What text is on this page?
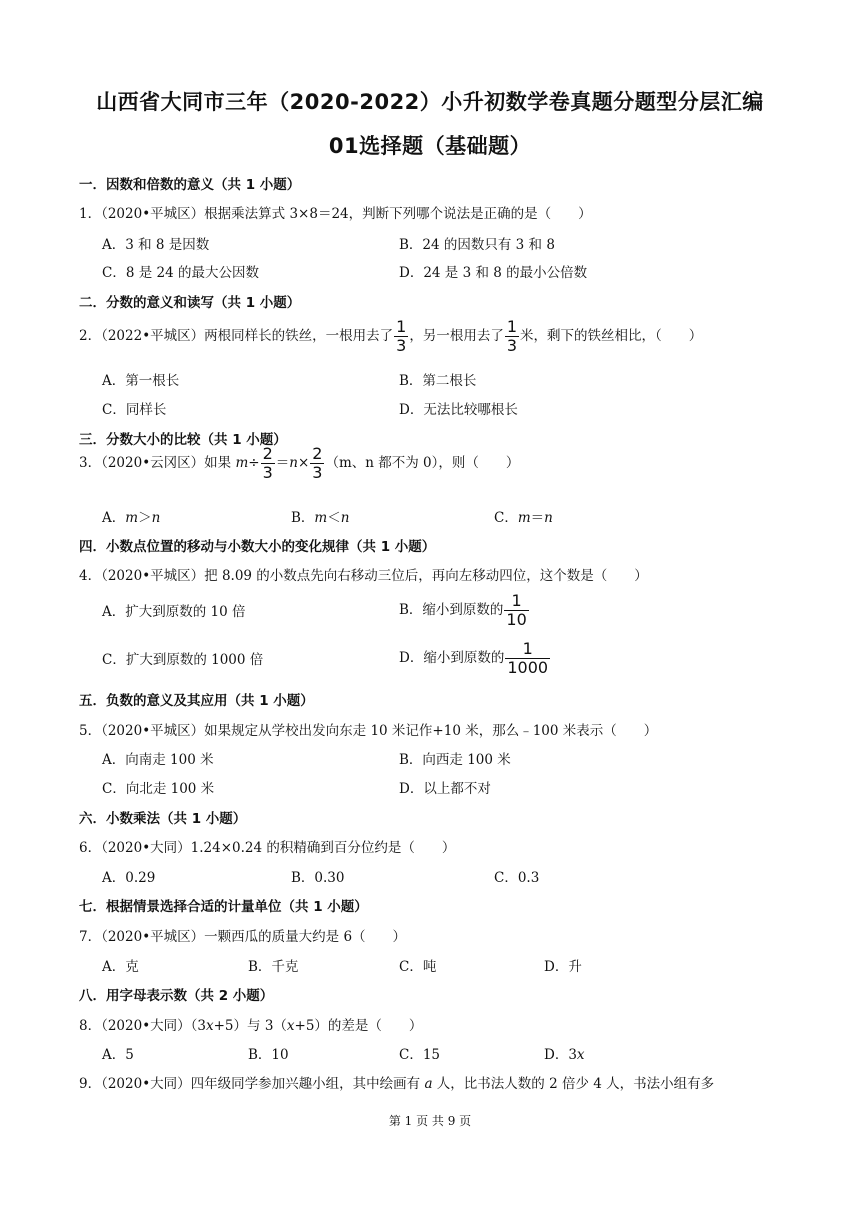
山西省大同市三年（2020-2022）小升初数学卷真题分题型分层汇编
01选择题（基础题）
一．因数和倍数的意义（共 1 小题）
1．（2020•平城区）根据乘法算式 3×8＝24，判断下列哪个说法是正确的是（　　）
A．3 和 8 是因数	B．24 的因数只有 3 和 8
C．8 是 24 的最大公因数	D．24 是 3 和 8 的最小公倍数
二．分数的意义和读写（共 1 小题）
2．（2022•平城区）两根同样长的铁丝，一根用去了 $\frac{1}{3}$ ，另一根用去了 $\frac{1}{3}$ 米，剩下的铁丝相比，（　　）
A．第一根长	B．第二根长
C．同样长	D．无法比较哪根长
三．分数大小的比较（共 1 小题）
3．（2020•云冈区）如果 $m\div \frac{2}{3} =n\times \frac{2}{3} (m$、n 都不为 0），则（　　）
A．m＞n	B．m＜n	C．m＝n
四．小数点位置的移动与小数大小的变化规律（共 1 小题）
4．（2020•平城区）把 8.09 的小数点先向右移动三位后，再向左移动四位，这个数是（　　）
A．扩大到原数的 10 倍	B．缩小到原数的 $\frac{1}{10}$
C．扩大到原数的 1000 倍	D．缩小到原数的 $\frac{1}{1000}$
五．负数的意义及其应用（共 1 小题）
5．（2020•平城区）如果规定从学校出发向东走 10 米记作+10 米，那么﹣100 米表示（　　）
A．向南走 100 米	B．向西走 100 米
C．向北走 100 米	D．以上都不对
六．小数乘法（共 1 小题）
6．（2020•大同）1.24×0.24 的积精确到百分位约是（　　）
A．0.29	B．0.30	C．0.3
七．根据情景选择合适的计量单位（共 1 小题）
7．（2020•平城区）一颗西瓜的质量大约是 6（　　）
A．克	B．千克	C．吨	D．升
八．用字母表示数（共 2 小题）
8．（2020•大同）（3x+5）与 3（x+5）的差是（　　）
A．5	B．10	C．15	D．3x
9．（2020•大同）四年级同学参加兴趣小组，其中绘画有 a 人，比书法人数的 2 倍少 4 人，书法小组有多
第 1 页 共 9 页
